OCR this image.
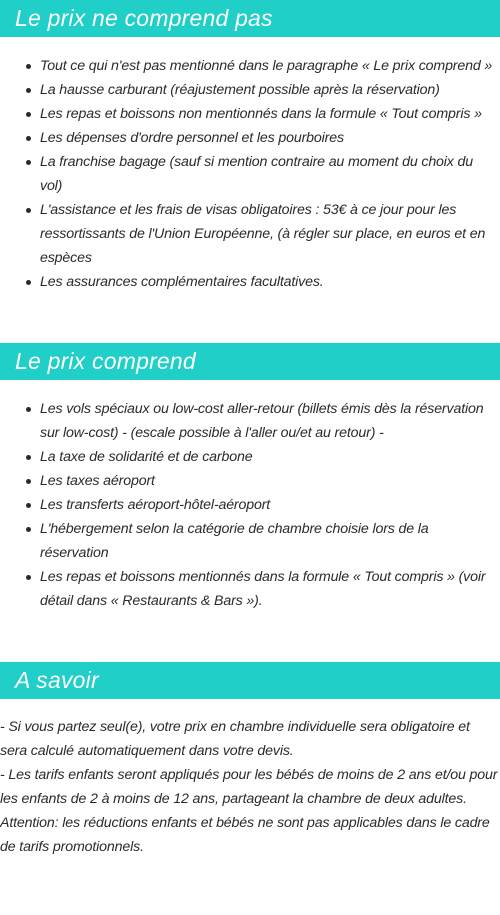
Le prix ne comprend pas
Tout ce qui n'est pas mentionné dans le paragraphe « Le prix comprend »
La hausse carburant (réajustement possible après la réservation)
Les repas et boissons non mentionnés dans la formule « Tout compris »
Les dépenses d'ordre personnel et les pourboires
La franchise bagage (sauf si mention contraire au moment du choix du vol)
L'assistance et les frais de visas obligatoires : 53€ à ce jour pour les ressortissants de l'Union Européenne, (à régler sur place, en euros et en espèces
Les assurances complémentaires facultatives.
Le prix comprend
Les vols spéciaux ou low-cost aller-retour (billets émis dès la réservation sur low-cost) - (escale possible à l'aller ou/et au retour) -
La taxe de solidarité et de carbone
Les taxes aéroport
Les transferts aéroport-hôtel-aéroport
L'hébergement selon la catégorie de chambre choisie lors de la réservation
Les repas et boissons mentionnés dans la formule « Tout compris » (voir détail dans « Restaurants & Bars »).
A savoir

- Si vous partez seul(e), votre prix en chambre individuelle sera obligatoire et sera calculé automatiquement dans votre devis.

- Les tarifs enfants seront appliqués pour les bébés de moins de 2 ans et/ou pour les enfants de 2 à moins de 12 ans, partageant la chambre de deux adultes.

Attention: les réductions enfants et bébés ne sont pas applicables dans le cadre de tarifs promotionnels.
